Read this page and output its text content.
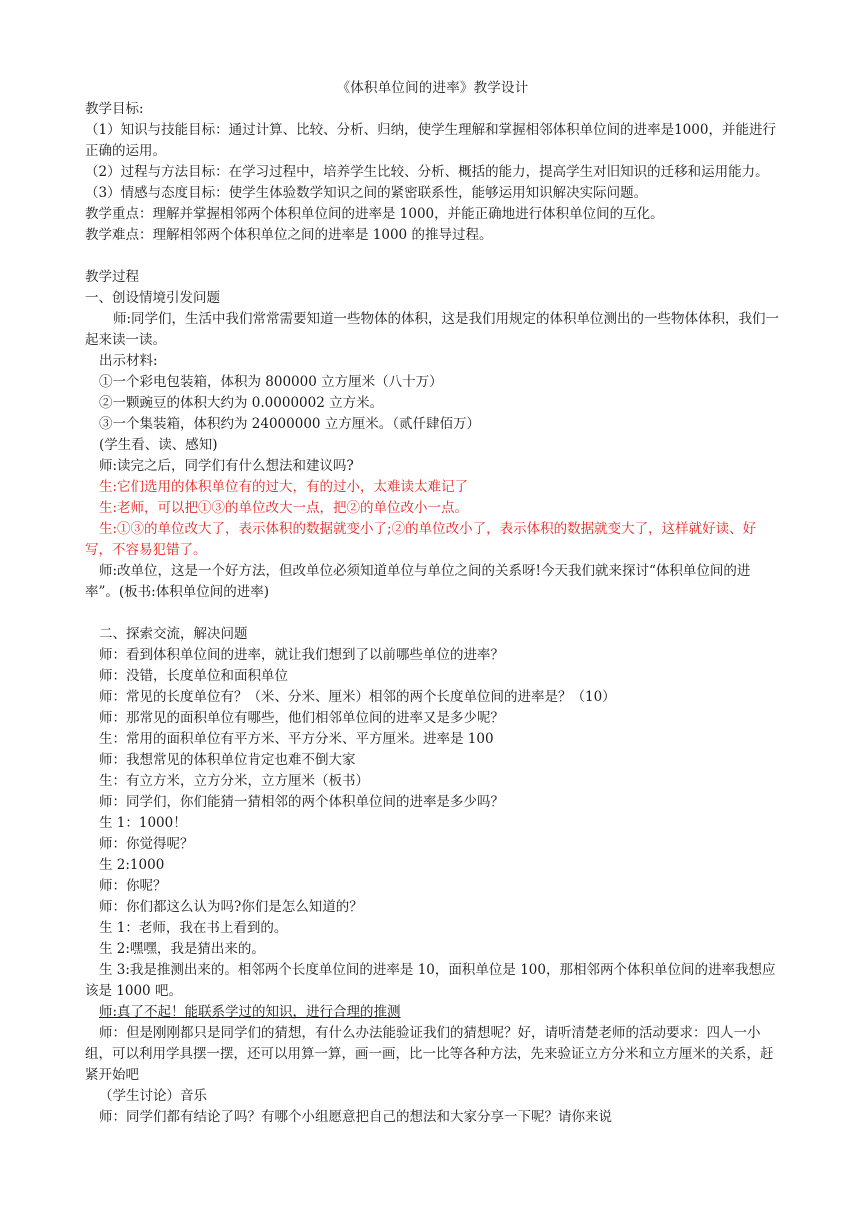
《体积单位间的进率》教学设计

教学目标:

（1）知识与技能目标：通过计算、比较、分析、归纳，使学生理解和掌握相邻体积单位间的进率是1000，并能进行正确的运用。

（2）过程与方法目标：在学习过程中，培养学生比较、分析、概括的能力，提高学生对旧知识的迁移和运用能力。

（3）情感与态度目标：使学生体验数学知识之间的紧密联系性，能够运用知识解决实际问题。

教学重点：理解并掌握相邻两个体积单位间的进率是 1000，并能正确地进行体积单位间的互化。

教学难点：理解相邻两个体积单位之间的进率是 1000 的推导过程。

教学过程

一、创设情境引发问题

师:同学们，生活中我们常常需要知道一些物体的体积，这是我们用规定的体积单位测出的一些物体体积，我们一起来读一读。

出示材料:

①一个彩电包装箱，体积为 800000 立方厘米（八十万）

②一颗豌豆的体积大约为 0.0000002 立方米。

③一个集装箱，体积约为 24000000 立方厘米。（贰仟肆佰万）

(学生看、读、感知)

师:读完之后，同学们有什么想法和建议吗?

生:它们选用的体积单位有的过大，有的过小，太难读太难记了

生:老师，可以把①③的单位改大一点，把②的单位改小一点。

生:①③的单位改大了，表示体积的数据就变小了;②的单位改小了，表示体积的数据就变大了，这样就好读、好写，不容易犯错了。

师:改单位，这是一个好方法，但改单位必须知道单位与单位之间的关系呀!今天我们就来探讨“体积单位间的进率”。(板书:体积单位间的进率)

二、探索交流，解决问题

师：看到体积单位间的进率，就让我们想到了以前哪些单位的进率？

师：没错，长度单位和面积单位

师：常见的长度单位有？（米、分米、厘米）相邻的两个长度单位间的进率是？（10）

师：那常见的面积单位有哪些，他们相邻单位间的进率又是多少呢？

生：常用的面积单位有平方米、平方分米、平方厘米。进率是 100

师：我想常见的体积单位肯定也难不倒大家

生：有立方米，立方分米，立方厘米（板书）

师：同学们，你们能猜一猜相邻的两个体积单位间的进率是多少吗？

生 1：1000！

师：你觉得呢？

生 2:1000

师：你呢？

师：你们都这么认为吗?你们是怎么知道的？

生 1：老师，我在书上看到的。

生 2:嘿嘿，我是猜出来的。

生 3:我是推测出来的。相邻两个长度单位间的进率是 10，面积单位是 100，那相邻两个体积单位间的进率我想应该是 1000 吧。

师:真了不起！能联系学过的知识，进行合理的推测

师：但是刚刚都只是同学们的猜想，有什么办法能验证我们的猜想呢？好，请听清楚老师的活动要求：四人一小组，可以利用学具摆一摆，还可以用算一算，画一画，比一比等各种方法，先来验证立方分米和立方厘米的关系，赶紧开始吧

（学生讨论）音乐

师：同学们都有结论了吗？有哪个小组愿意把自己的想法和大家分享一下呢？请你来说
